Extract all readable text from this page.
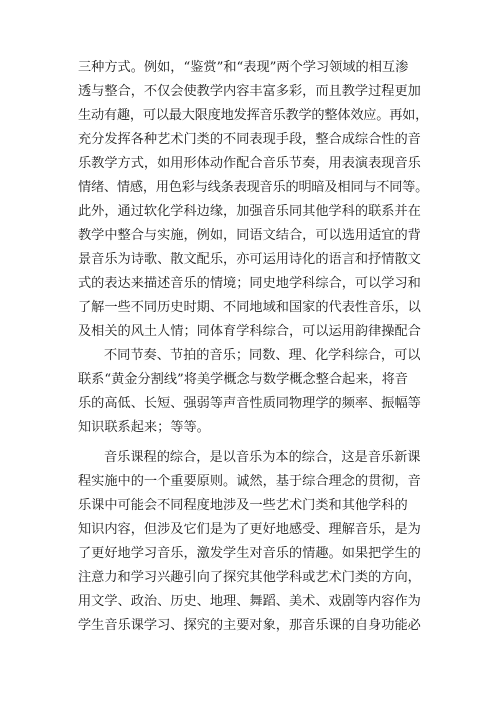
三种方式。例如，“鉴赏”和“表现”两个学习领域的相互渗
透与整合，不仅会使教学内容丰富多彩，而且教学过程更加
生动有趣，可以最大限度地发挥音乐教学的整体效应。再如，
充分发挥各种艺术门类的不同表现手段，整合成综合性的音
乐教学方式，如用形体动作配合音乐节奏，用表演表现音乐
情绪、情感，用色彩与线条表现音乐的明暗及相同与不同等。
此外，通过软化学科边缘，加强音乐同其他学科的联系并在
教学中整合与实施，例如，同语文结合，可以选用适宜的背
景音乐为诗歌、散文配乐，亦可运用诗化的语言和抒情散文
式的表达来描述音乐的情境；同史地学科综合，可以学习和
了解一些不同历史时期、不同地域和国家的代表性音乐，以
及相关的风土人情；同体育学科综合，可以运用韵律操配合
不同节奏、节拍的音乐；同数、理、化学科综合，可以
联系“黄金分割线”将美学概念与数学概念整合起来，将音
乐的高低、长短、强弱等声音性质同物理学的频率、振幅等
知识联系起来；等等。
音乐课程的综合，是以音乐为本的综合，这是音乐新课
程实施中的一个重要原则。诚然，基于综合理念的贯彻，音
乐课中可能会不同程度地涉及一些艺术门类和其他学科的
知识内容，但涉及它们是为了更好地感受、理解音乐，是为
了更好地学习音乐，激发学生对音乐的情趣。如果把学生的
注意力和学习兴趣引向了探究其他学科或艺术门类的方向，
用文学、政治、历史、地理、舞蹈、美术、戏剧等内容作为
学生音乐课学习、探究的主要对象，那音乐课的自身功能必
